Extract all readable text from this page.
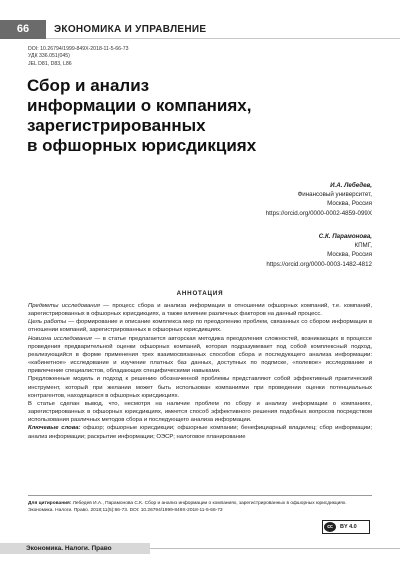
66	ЭКОНОМИКА И УПРАВЛЕНИЕ
DOI: 10.26794/1999-849X-2018-11-5-66-73
УДК 336.051(045)
JEL D81, D83, L86
Сбор и анализ
информации о компаниях,
зарегистрированных
в офшорных юрисдикциях
И.А. Лебедев,
Финансовый университет,
Москва, Россия
https://orcid.org/0000-0002-4859-099X
С.К. Парамонова,
КПМГ,
Москва, Россия
https://orcid.org/0000-0003-1482-4812
АННОТАЦИЯ

Предметы исследования — процесс сбора и анализа информации в отношении офшорных компаний, т.е. компаний, зарегистрированных в офшорных юрисдикциях, а также влияние различных факторов на данный процесс.

Цель работы — формирование и описание комплекса мер по преодолению проблем, связанных со сбором информации в отношении компаний, зарегистрированных в офшорных юрисдикциях.

Новизна исследования — в статье предлагается авторская методика преодоления сложностей, возникающих в процессе проведения предварительной оценки офшорных компаний, которая подразумевает под собой комплексный подход, реализующийся в форме применения трех взаимосвязанных способов сбора и последующего анализа информации: «кабинетное» исследование и изучение платных баз данных, доступных по подписке, «полевое» исследование и привлечение специалистов, обладающих специфическими навыками.

Предложенные модель и подход к решению обозначенной проблемы представляют собой эффективный практический инструмент, который при желании может быть использован компаниями при проведении оценки потенциальных контрагентов, находящихся в офшорных юрисдикциях.

В статье сделан вывод, что, несмотря на наличие проблем по сбору и анализу информации о компаниях, зарегистрированных в офшорных юрисдикциях, имеется способ эффективного решения подобных вопросов посредством использования различных методов сбора и последующего анализа информации.

Ключевые слова: офшор; офшорные юрисдикции; офшорные компании; бенефициарный владелец; сбор информации; анализ информации; раскрытие информации; ОЭСР; налоговое планирование

Для цитирования: Лебедев И.А., Парамонова С.К. Сбор и анализ информации о компаниях, зарегистрированных в офшорных юрисдикциях. Экономика. Налоги. Право. 2018;11(5):66-73. DOI: 10.26794/1999-849X-2018-11-5-66-73
cc	BY 4.0
Экономика. Налоги. Право
